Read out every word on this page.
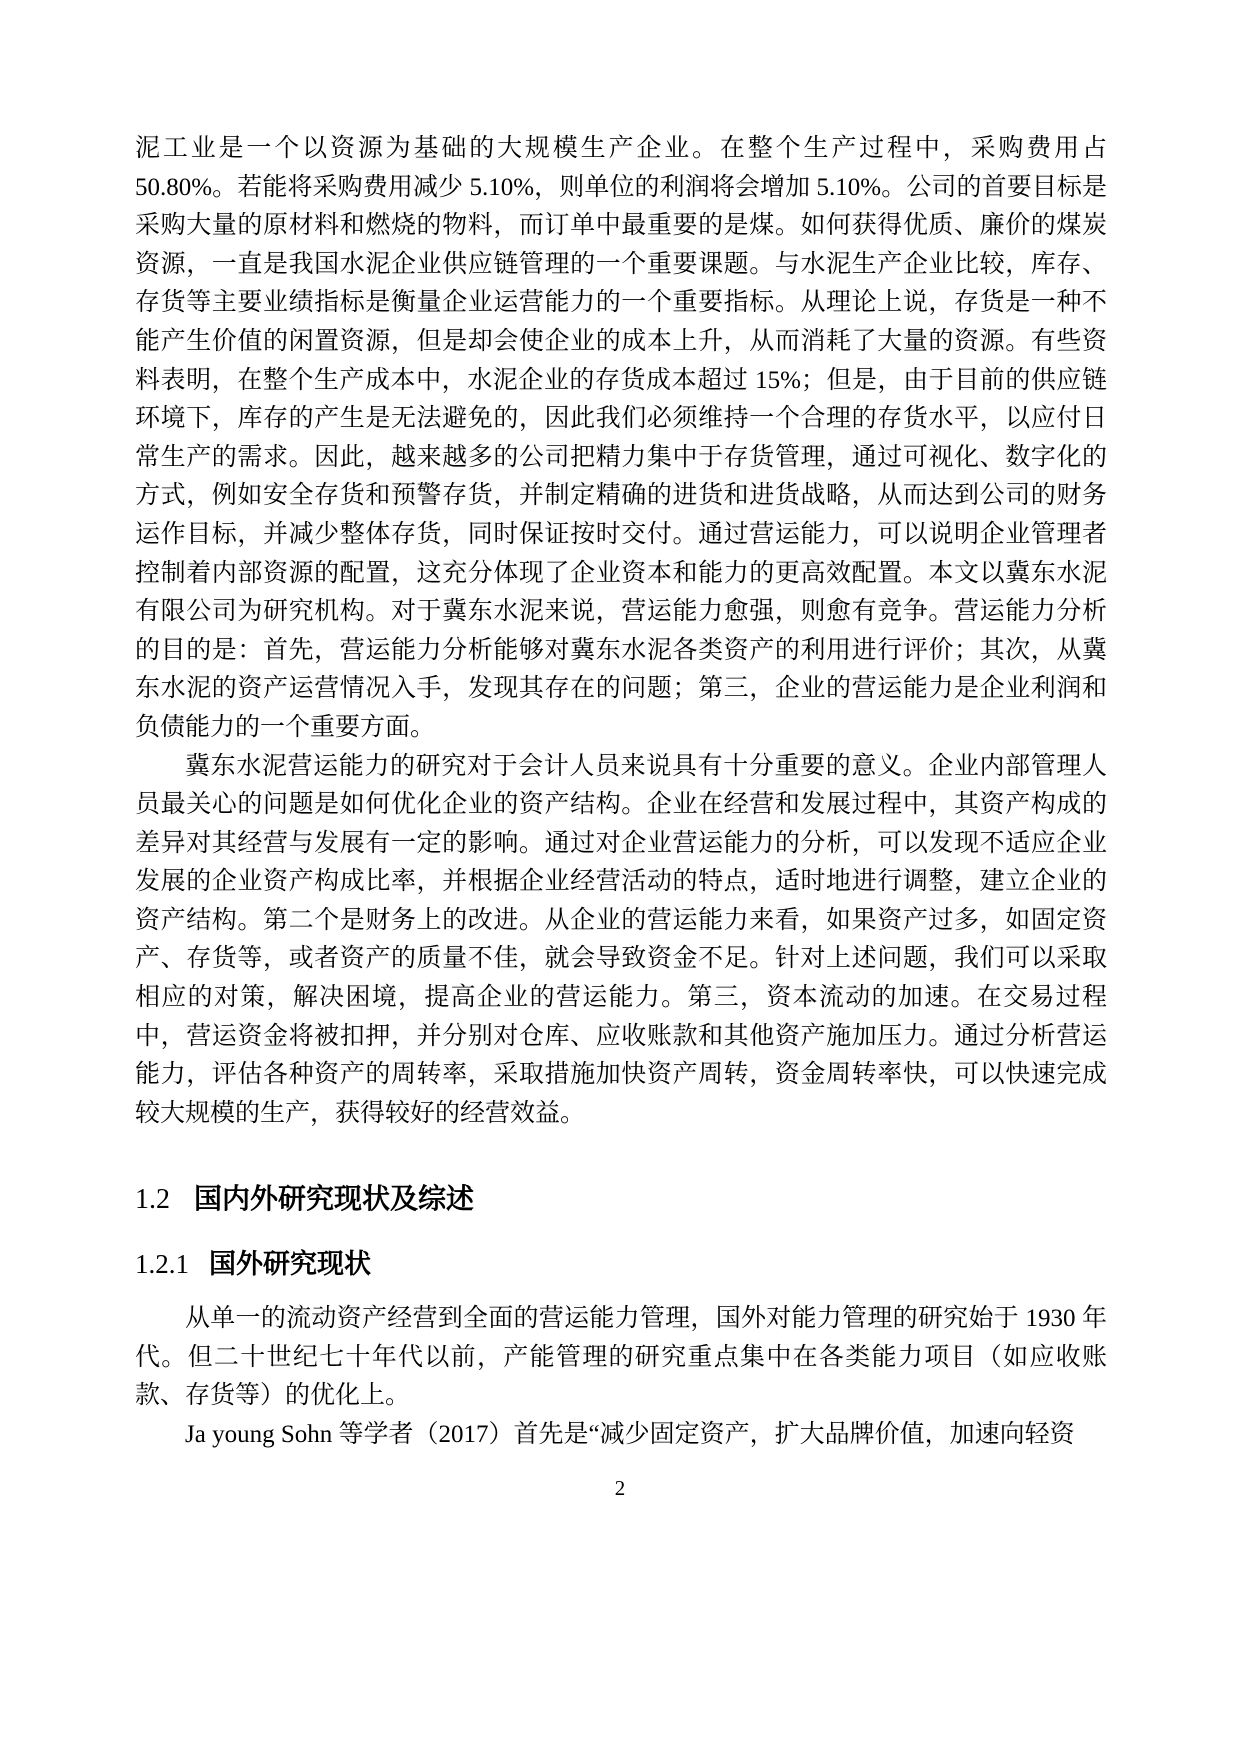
泥工业是一个以资源为基础的大规模生产企业。在整个生产过程中，采购费用占 50.80%。若能将采购费用减少 5.10%，则单位的利润将会增加 5.10%。公司的首要目标是采购大量的原材料和燃烧的物料，而订单中最重要的是煤。如何获得优质、廉价的煤炭资源，一直是我国水泥企业供应链管理的一个重要课题。与水泥生产企业比较，库存、存货等主要业绩指标是衡量企业运营能力的一个重要指标。从理论上说，存货是一种不能产生价值的闲置资源，但是却会使企业的成本上升，从而消耗了大量的资源。有些资料表明，在整个生产成本中，水泥企业的存货成本超过 15%；但是，由于目前的供应链环境下，库存的产生是无法避免的，因此我们必须维持一个合理的存货水平，以应付日常生产的需求。因此，越来越多的公司把精力集中于存货管理，通过可视化、数字化的方式，例如安全存货和预警存货，并制定精确的进货和进货战略，从而达到公司的财务运作目标，并减少整体存货，同时保证按时交付。通过营运能力，可以说明企业管理者控制着内部资源的配置，这充分体现了企业资本和能力的更高效配置。本文以冀东水泥有限公司为研究机构。对于冀东水泥来说，营运能力愈强，则愈有竞争。营运能力分析的目的是：首先，营运能力分析能够对冀东水泥各类资产的利用进行评价；其次，从冀东水泥的资产运营情况入手，发现其存在的问题；第三，企业的营运能力是企业利润和负债能力的一个重要方面。

冀东水泥营运能力的研究对于会计人员来说具有十分重要的意义。企业内部管理人员最关心的问题是如何优化企业的资产结构。企业在经营和发展过程中，其资产构成的差异对其经营与发展有一定的影响。通过对企业营运能力的分析，可以发现不适应企业发展的企业资产构成比率，并根据企业经营活动的特点，适时地进行调整，建立企业的资产结构。第二个是财务上的改进。从企业的营运能力来看，如果资产过多，如固定资产、存货等，或者资产的质量不佳，就会导致资金不足。针对上述问题，我们可以采取相应的对策，解决困境，提高企业的营运能力。第三，资本流动的加速。在交易过程中，营运资金将被扣押，并分别对仓库、应收账款和其他资产施加压力。通过分析营运能力，评估各种资产的周转率，采取措施加快资产周转，资金周转率快，可以快速完成较大规模的生产，获得较好的经营效益。

1.2 国内外研究现状及综述
1.2.1 国外研究现状

从单一的流动资产经营到全面的营运能力管理，国外对能力管理的研究始于 1930 年代。但二十世纪七十年代以前，产能管理的研究重点集中在各类能力项目（如应收账款、存货等）的优化上。

Ja young Sohn 等学者（2017）首先是“减少固定资产，扩大品牌价值，加速向轻资

2
